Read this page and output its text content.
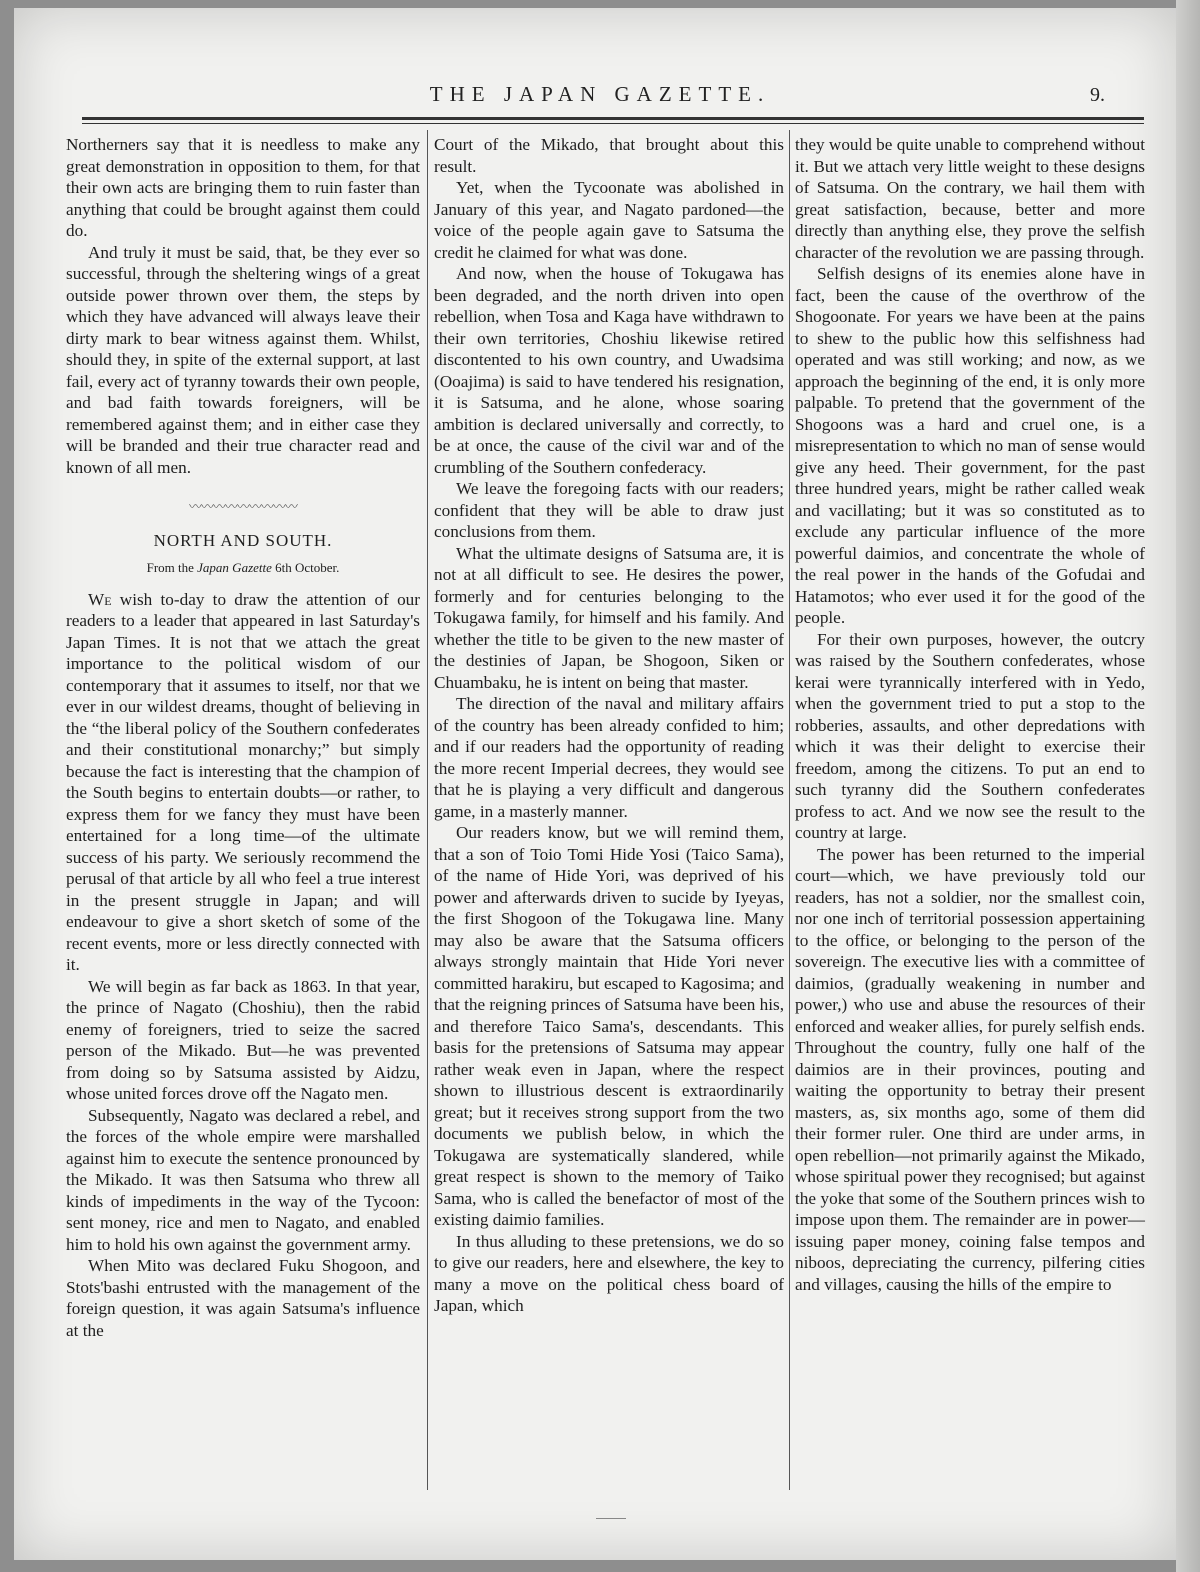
THE JAPAN GAZETTE.	9.

Northerners say that it is needless to make any great demonstration in opposition to them, for that their own acts are bringing them to ruin faster than anything that could be brought against them could do.

And truly it must be said, that, be they ever so successful, through the sheltering wings of a great outside power thrown over them, the steps by which they have advanced will always leave their dirty mark to bear witness against them. Whilst, should they, in spite of the external support, at last fail, every act of tyranny towards their own people, and bad faith towards foreigners, will be remembered against them; and in either case they will be branded and their true character read and known of all men.

〰〰〰〰〰〰〰〰〰
NORTH AND SOUTH.
From the Japan Gazette 6th October.

We wish to-day to draw the attention of our readers to a leader that appeared in last Saturday's Japan Times. It is not that we attach the great importance to the political wisdom of our contemporary that it assumes to itself, nor that we ever in our wildest dreams, thought of believing in the “the liberal policy of the Southern confederates and their constitutional monarchy;” but simply because the fact is interesting that the champion of the South begins to entertain doubts—or rather, to express them for we fancy they must have been entertained for a long time—of the ultimate success of his party. We seriously recommend the perusal of that article by all who feel a true interest in the present struggle in Japan; and will endeavour to give a short sketch of some of the recent events, more or less directly connected with it.

We will begin as far back as 1863. In that year, the prince of Nagato (Choshiu), then the rabid enemy of foreigners, tried to seize the sacred person of the Mikado. But—he was prevented from doing so by Satsuma assisted by Aidzu, whose united forces drove off the Nagato men.

Subsequently, Nagato was declared a rebel, and the forces of the whole empire were marshalled against him to execute the sentence pronounced by the Mikado. It was then Satsuma who threw all kinds of impediments in the way of the Tycoon: sent money, rice and men to Nagato, and enabled him to hold his own against the government army.

When Mito was declared Fuku Shogoon, and Stots'bashi entrusted with the management of the foreign question, it was again Satsuma's influence at the

Court of the Mikado, that brought about this result.

Yet, when the Tycoonate was abolished in January of this year, and Nagato pardoned—the voice of the people again gave to Satsuma the credit he claimed for what was done.

And now, when the house of Tokugawa has been degraded, and the north driven into open rebellion, when Tosa and Kaga have withdrawn to their own territories, Choshiu likewise retired discontented to his own country, and Uwadsima (Ooajima) is said to have tendered his resignation, it is Satsuma, and he alone, whose soaring ambition is declared universally and correctly, to be at once, the cause of the civil war and of the crumbling of the Southern confederacy.

We leave the foregoing facts with our readers; confident that they will be able to draw just conclusions from them.

What the ultimate designs of Satsuma are, it is not at all difficult to see. He desires the power, formerly and for centuries belonging to the Tokugawa family, for himself and his family. And whether the title to be given to the new master of the destinies of Japan, be Shogoon, Siken or Chuambaku, he is intent on being that master.

The direction of the naval and military affairs of the country has been already confided to him; and if our readers had the opportunity of reading the more recent Imperial decrees, they would see that he is playing a very difficult and dangerous game, in a masterly manner.

Our readers know, but we will remind them, that a son of Toio Tomi Hide Yosi (Taico Sama), of the name of Hide Yori, was deprived of his power and afterwards driven to sucide by Iyeyas, the first Shogoon of the Tokugawa line. Many may also be aware that the Satsuma officers always strongly maintain that Hide Yori never committed harakiru, but escaped to Kagosima; and that the reigning princes of Satsuma have been his, and therefore Taico Sama's, descendants. This basis for the pretensions of Satsuma may appear rather weak even in Japan, where the respect shown to illustrious descent is extraordinarily great; but it receives strong support from the two documents we publish below, in which the Tokugawa are systematically slandered, while great respect is shown to the memory of Taiko Sama, who is called the benefactor of most of the existing daimio families.

In thus alluding to these pretensions, we do so to give our readers, here and elsewhere, the key to many a move on the political chess board of Japan, which

they would be quite unable to comprehend without it. But we attach very little weight to these designs of Satsuma. On the contrary, we hail them with great satisfaction, because, better and more directly than anything else, they prove the selfish character of the revolution we are passing through.

Selfish designs of its enemies alone have in fact, been the cause of the overthrow of the Shogoonate. For years we have been at the pains to shew to the public how this selfishness had operated and was still working; and now, as we approach the beginning of the end, it is only more palpable. To pretend that the government of the Shogoons was a hard and cruel one, is a misrepresentation to which no man of sense would give any heed. Their government, for the past three hundred years, might be rather called weak and vacillating; but it was so constituted as to exclude any particular influence of the more powerful daimios, and concentrate the whole of the real power in the hands of the Gofudai and Hatamotos; who ever used it for the good of the people.

For their own purposes, however, the outcry was raised by the Southern confederates, whose kerai were tyrannically interfered with in Yedo, when the government tried to put a stop to the robberies, assaults, and other depredations with which it was their delight to exercise their freedom, among the citizens. To put an end to such tyranny did the Southern confederates profess to act. And we now see the result to the country at large.

The power has been returned to the imperial court—which, we have previously told our readers, has not a soldier, nor the smallest coin, nor one inch of territorial possession appertaining to the office, or belonging to the person of the sovereign. The executive lies with a committee of daimios, (gradually weakening in number and power,) who use and abuse the resources of their enforced and weaker allies, for purely selfish ends. Throughout the country, fully one half of the daimios are in their provinces, pouting and waiting the opportunity to betray their present masters, as, six months ago, some of them did their former ruler. One third are under arms, in open rebellion—not primarily against the Mikado, whose spiritual power they recognised; but against the yoke that some of the Southern princes wish to impose upon them. The remainder are in power—issuing paper money, coining false tempos and niboos, depreciating the currency, pilfering cities and villages, causing the hills of the empire to
